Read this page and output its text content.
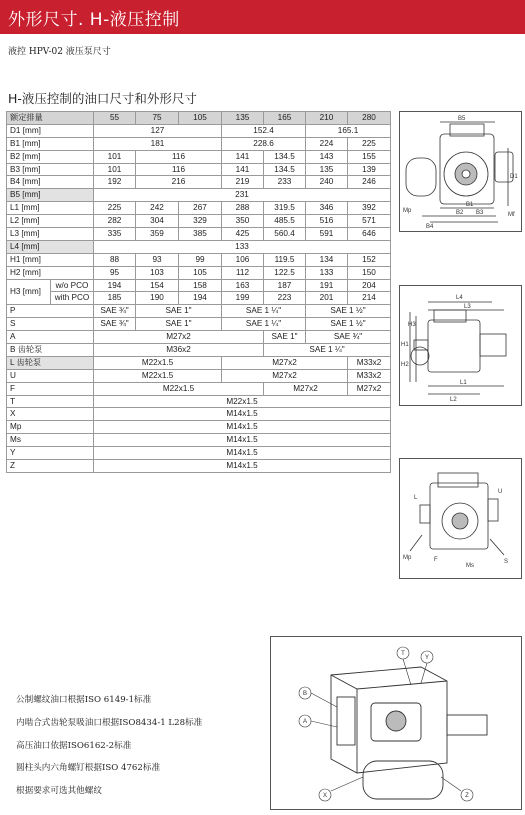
外形尺寸. H-液压控制
液控 HPV-02 液压泵尺寸
H-液压控制的油口尺寸和外形尺寸
额定排量		55	75	105	135	165	210	280
D1 [mm]		127			152.4		165.1	
B1 [mm]		181			228.6		224	225
B2 [mm]		101	116		141	134.5	143	155
B3 [mm]		101	116		141	134.5	135	139
B4 [mm]		192	216		219	233	240	246
B5 [mm]		231						
L1 [mm]		225	242	267	288	319.5	346	392
L2 [mm]		282	304	329	350	485.5	516	571
L3 [mm]		335	359	385	425	560.4	591	646
L4 [mm]		133						
H1 [mm]		88	93	99	106	119.5	134	152
H2 [mm]		95	103	105	112	122.5	133	150
H3 [mm]	w/o PCO	194	154	158	163	187	191	204
	with PCO	185	190	194	199	223	201	214
P		SAE ¾"	SAE 1"		SAE 1 ¼"		SAE 1 ½"	
S		SAE ¾"	SAE 1"		SAE 1 ¼"		SAE 1 ½"	
A		M27x2				SAE 1"	SAE ¾"	
B 齿轮泵		M36x2				SAE 1 ¼"		
L 齿轮泵		M22x1.5			M27x2			M33x2
U		M22x1.5			M27x2			M33x2
F		M22x1.5				M27x2		M27x2
T		M22x1.5						
X		M14x1.5						
Mp		M14x1.5						
Ms		M14x1.5						
Y		M14x1.5						
Z		M14x1.5						
B5
B1
B2 B3
B4
D1
Mp
Mf
L4
L3
L1
L2
H1
H2
H3
U
F
Ms
Mp
S
L
T
Y
B
A
X	Z
公制螺纹油口根据ISO 6149-1标准
内啮合式齿轮泵吸油口根据ISO8434-1 L28标准
高压油口依据ISO6162-2标准
圆柱头内六角螺钉根据ISO 4762标准
根据要求可选其他螺纹
